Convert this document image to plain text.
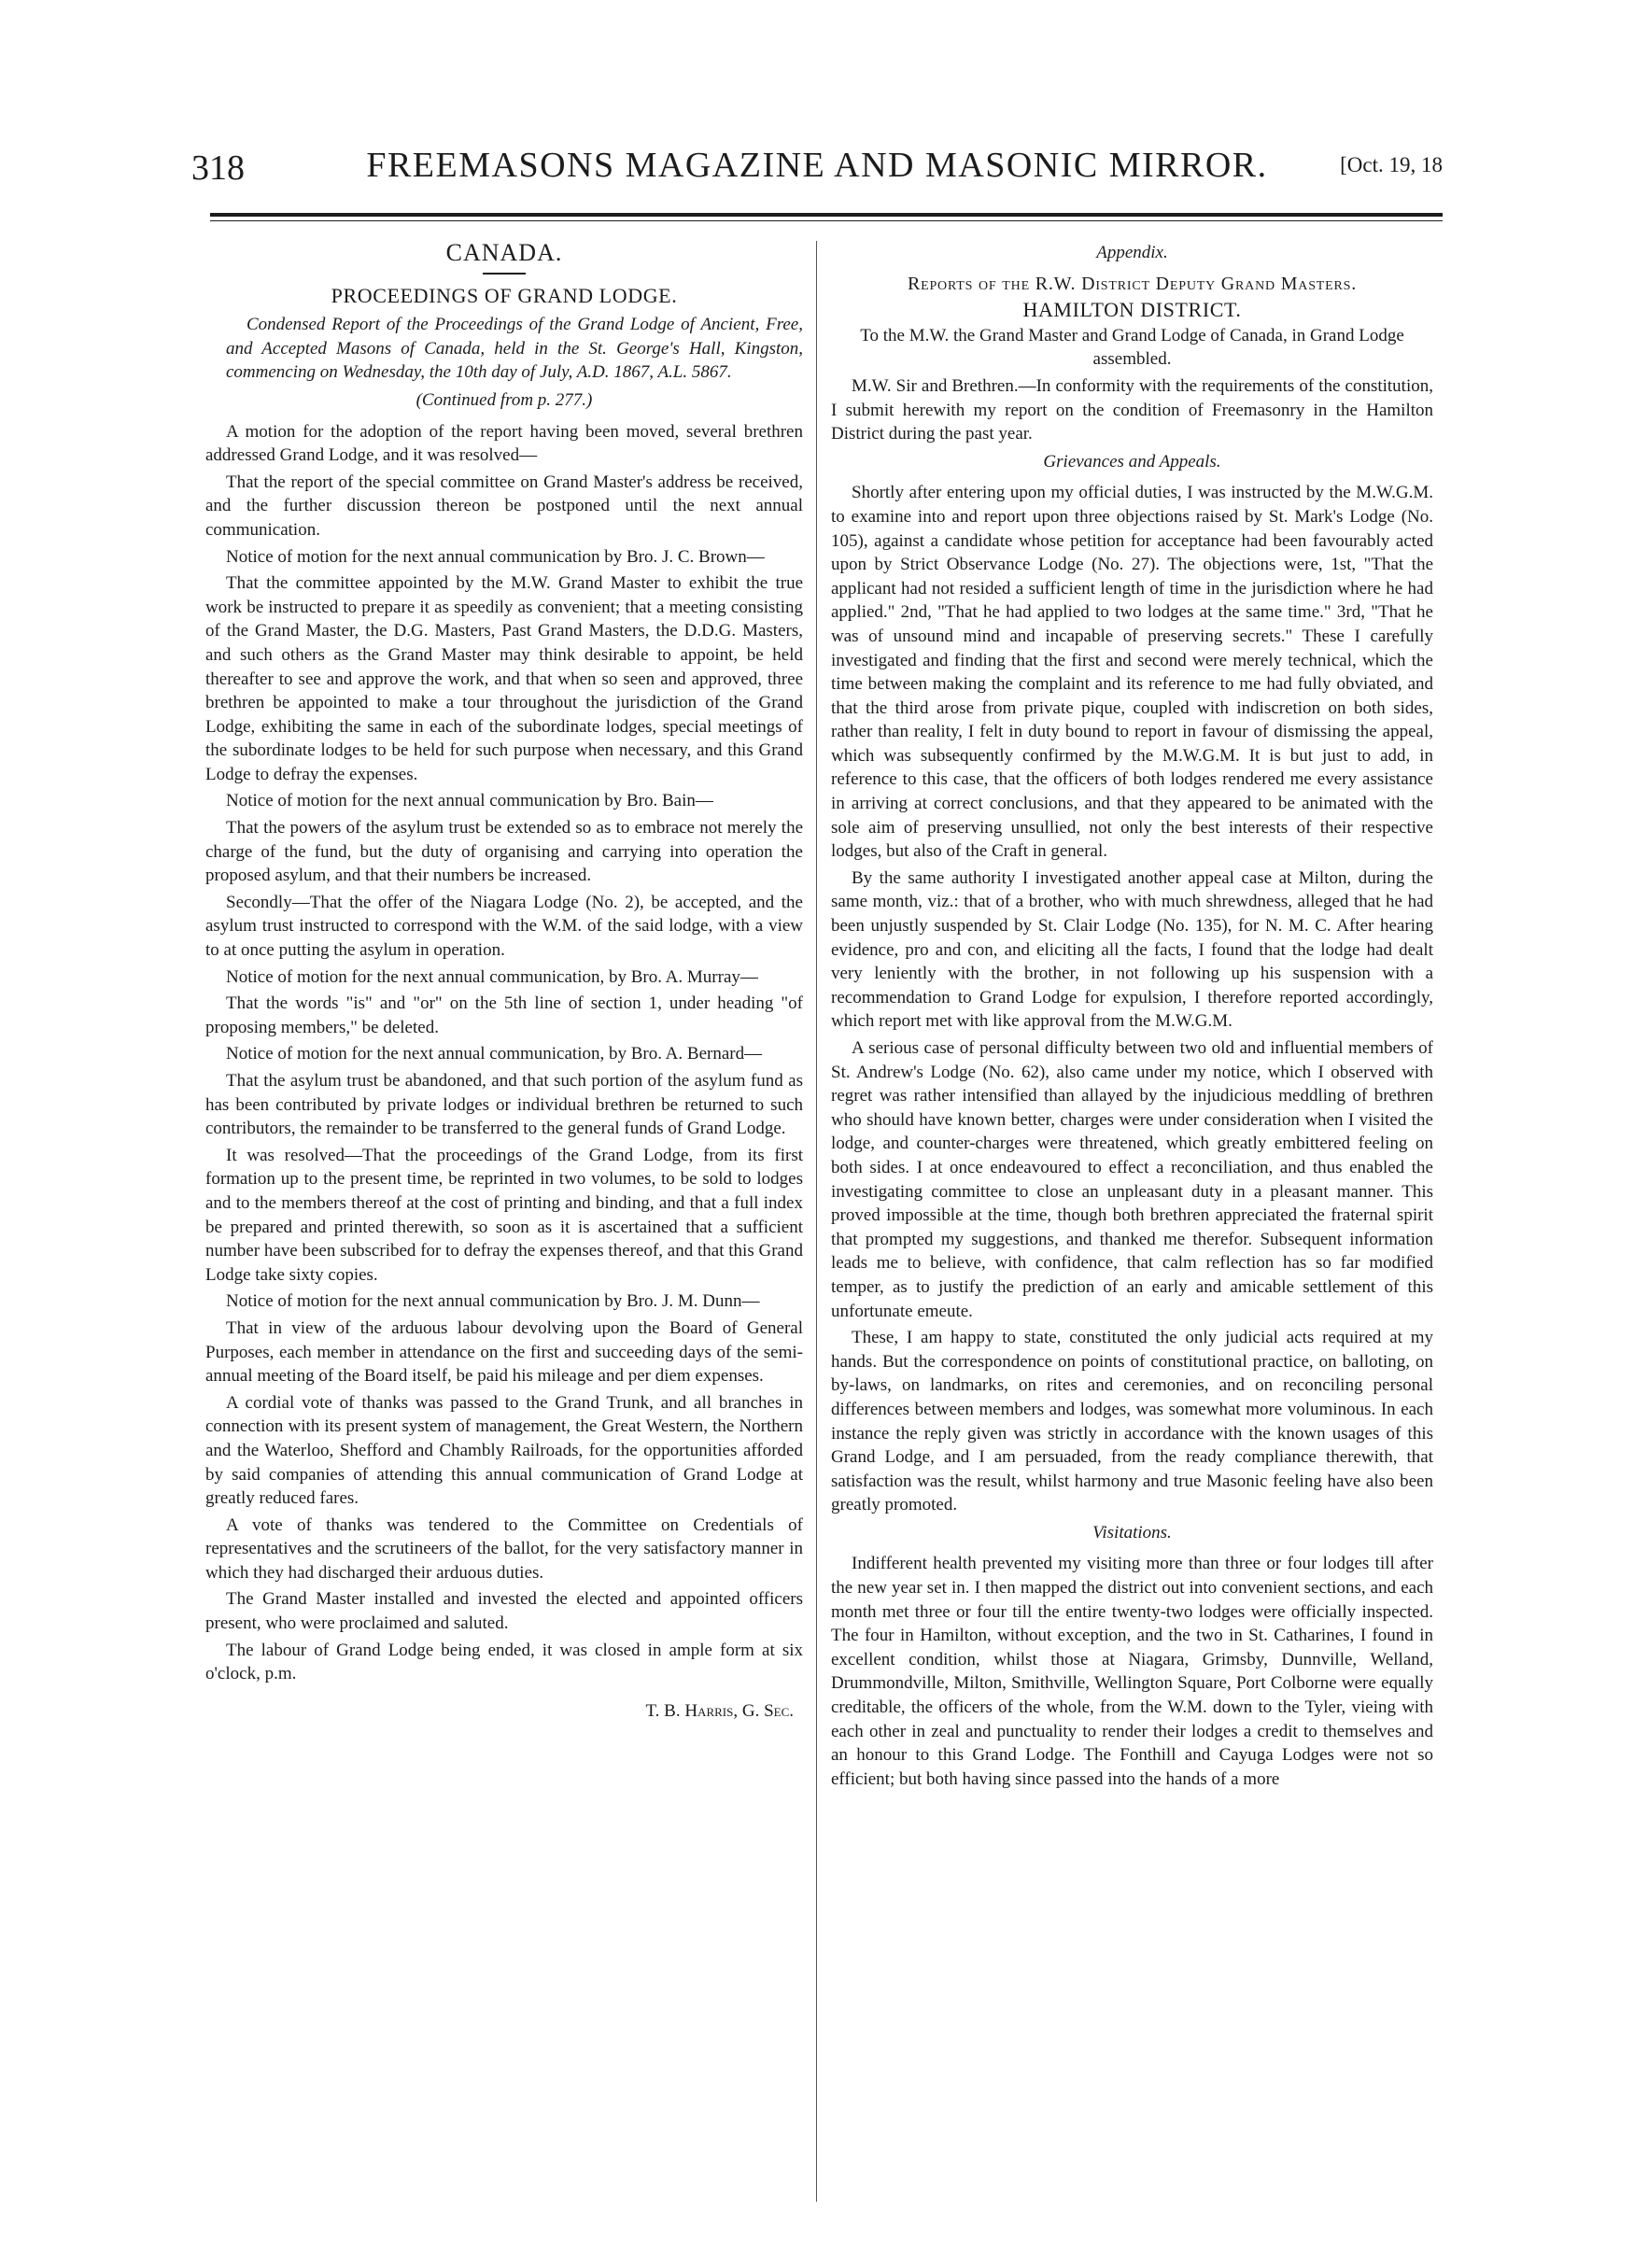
318	FREEMASONS MAGAZINE AND MASONIC MIRROR.	[Oct. 19, 18
CANADA.
PROCEEDINGS OF GRAND LODGE.

Condensed Report of the Proceedings of the Grand Lodge of Ancient, Free, and Accepted Masons of Canada, held in the St. George's Hall, Kingston, commencing on Wednesday, the 10th day of July, A.D. 1867, A.L. 5867.

(Continued from p. 277.)

A motion for the adoption of the report having been moved, several brethren addressed Grand Lodge, and it was resolved—

That the report of the special committee on Grand Master's address be received, and the further discussion thereon be postponed until the next annual communication.

Notice of motion for the next annual communication by Bro. J. C. Brown—

That the committee appointed by the M.W. Grand Master to exhibit the true work be instructed to prepare it as speedily as convenient; that a meeting consisting of the Grand Master, the D.G. Masters, Past Grand Masters, the D.D.G. Masters, and such others as the Grand Master may think desirable to appoint, be held thereafter to see and approve the work, and that when so seen and approved, three brethren be appointed to make a tour throughout the jurisdiction of the Grand Lodge, exhibiting the same in each of the subordinate lodges, special meetings of the subordinate lodges to be held for such purpose when necessary, and this Grand Lodge to defray the expenses.

Notice of motion for the next annual communication by Bro. Bain—

That the powers of the asylum trust be extended so as to embrace not merely the charge of the fund, but the duty of organising and carrying into operation the proposed asylum, and that their numbers be increased.

Secondly—That the offer of the Niagara Lodge (No. 2), be accepted, and the asylum trust instructed to correspond with the W.M. of the said lodge, with a view to at once putting the asylum in operation.

Notice of motion for the next annual communication, by Bro. A. Murray—

That the words "is" and "or" on the 5th line of section 1, under heading "of proposing members," be deleted.

Notice of motion for the next annual communication, by Bro. A. Bernard—

That the asylum trust be abandoned, and that such portion of the asylum fund as has been contributed by private lodges or individual brethren be returned to such contributors, the remainder to be transferred to the general funds of Grand Lodge.

It was resolved—That the proceedings of the Grand Lodge, from its first formation up to the present time, be reprinted in two volumes, to be sold to lodges and to the members thereof at the cost of printing and binding, and that a full index be prepared and printed therewith, so soon as it is ascertained that a sufficient number have been subscribed for to defray the expenses thereof, and that this Grand Lodge take sixty copies.

Notice of motion for the next annual communication by Bro. J. M. Dunn—

That in view of the arduous labour devolving upon the Board of General Purposes, each member in attendance on the first and succeeding days of the semi-annual meeting of the Board itself, be paid his mileage and per diem expenses.

A cordial vote of thanks was passed to the Grand Trunk, and all branches in connection with its present system of management, the Great Western, the Northern and the Waterloo, Shefford and Chambly Railroads, for the opportunities afforded by said companies of attending this annual communication of Grand Lodge at greatly reduced fares.

A vote of thanks was tendered to the Committee on Credentials of representatives and the scrutineers of the ballot, for the very satisfactory manner in which they had discharged their arduous duties.

The Grand Master installed and invested the elected and appointed officers present, who were proclaimed and saluted.

The labour of Grand Lodge being ended, it was closed in ample form at six o'clock, p.m.

T. B. Harris, G. Sec.
Appendix.
Reports of the R.W. District Deputy Grand Masters.
HAMILTON DISTRICT.

To the M.W. the Grand Master and Grand Lodge of Canada, in Grand Lodge assembled.

M.W. Sir and Brethren.—In conformity with the requirements of the constitution, I submit herewith my report on the condition of Freemasonry in the Hamilton District during the past year.

Grievances and Appeals.

Shortly after entering upon my official duties, I was instructed by the M.W.G.M. to examine into and report upon three objections raised by St. Mark's Lodge (No. 105), against a candidate whose petition for acceptance had been favourably acted upon by Strict Observance Lodge (No. 27). The objections were, 1st, "That the applicant had not resided a sufficient length of time in the jurisdiction where he had applied." 2nd, "That he had applied to two lodges at the same time." 3rd, "That he was of unsound mind and incapable of preserving secrets." These I carefully investigated and finding that the first and second were merely technical, which the time between making the complaint and its reference to me had fully obviated, and that the third arose from private pique, coupled with indiscretion on both sides, rather than reality, I felt in duty bound to report in favour of dismissing the appeal, which was subsequently confirmed by the M.W.G.M. It is but just to add, in reference to this case, that the officers of both lodges rendered me every assistance in arriving at correct conclusions, and that they appeared to be animated with the sole aim of preserving unsullied, not only the best interests of their respective lodges, but also of the Craft in general.

By the same authority I investigated another appeal case at Milton, during the same month, viz.: that of a brother, who with much shrewdness, alleged that he had been unjustly suspended by St. Clair Lodge (No. 135), for N. M. C. After hearing evidence, pro and con, and eliciting all the facts, I found that the lodge had dealt very leniently with the brother, in not following up his suspension with a recommendation to Grand Lodge for expulsion, I therefore reported accordingly, which report met with like approval from the M.W.G.M.

A serious case of personal difficulty between two old and influential members of St. Andrew's Lodge (No. 62), also came under my notice, which I observed with regret was rather intensified than allayed by the injudicious meddling of brethren who should have known better, charges were under consideration when I visited the lodge, and counter-charges were threatened, which greatly embittered feeling on both sides. I at once endeavoured to effect a reconciliation, and thus enabled the investigating committee to close an unpleasant duty in a pleasant manner. This proved impossible at the time, though both brethren appreciated the fraternal spirit that prompted my suggestions, and thanked me therefor. Subsequent information leads me to believe, with confidence, that calm reflection has so far modified temper, as to justify the prediction of an early and amicable settlement of this unfortunate emeute.

These, I am happy to state, constituted the only judicial acts required at my hands. But the correspondence on points of constitutional practice, on balloting, on by-laws, on landmarks, on rites and ceremonies, and on reconciling personal differences between members and lodges, was somewhat more voluminous. In each instance the reply given was strictly in accordance with the known usages of this Grand Lodge, and I am persuaded, from the ready compliance therewith, that satisfaction was the result, whilst harmony and true Masonic feeling have also been greatly promoted.

Visitations.

Indifferent health prevented my visiting more than three or four lodges till after the new year set in. I then mapped the district out into convenient sections, and each month met three or four till the entire twenty-two lodges were officially inspected. The four in Hamilton, without exception, and the two in St. Catharines, I found in excellent condition, whilst those at Niagara, Grimsby, Dunnville, Welland, Drummondville, Milton, Smithville, Wellington Square, Port Colborne were equally creditable, the officers of the whole, from the W.M. down to the Tyler, vieing with each other in zeal and punctuality to render their lodges a credit to themselves and an honour to this Grand Lodge. The Fonthill and Cayuga Lodges were not so efficient; but both having since passed into the hands of a more
